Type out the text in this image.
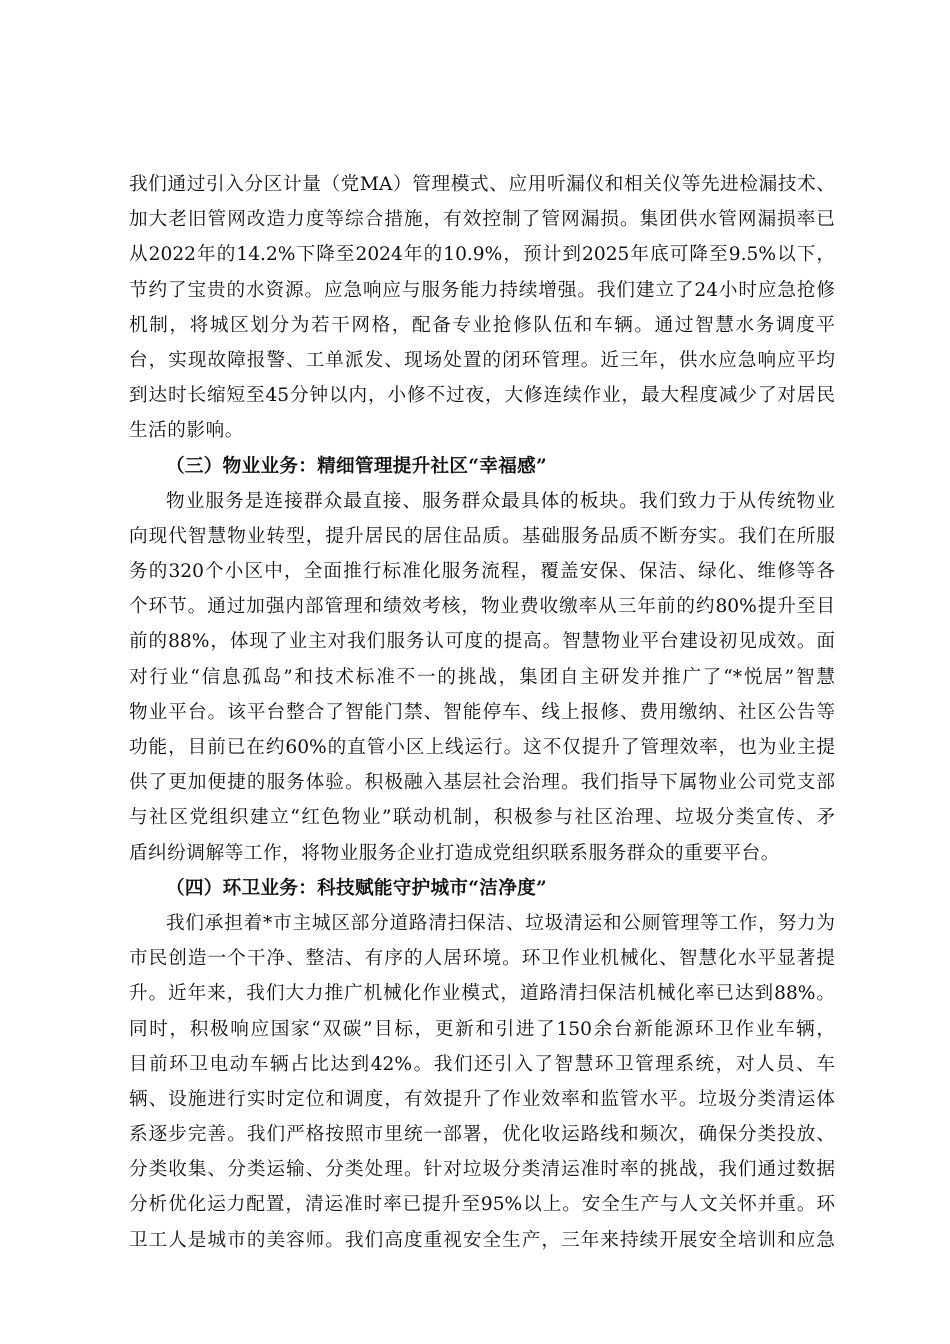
我们通过引入分区计量（党MA）管理模式、应用听漏仪和相关仪等先进检漏技术、
加大老旧管网改造力度等综合措施，有效控制了管网漏损。集团供水管网漏损率已
从2022年的14.2%下降至2024年的10.9%，预计到2025年底可降至9.5%以下，
节约了宝贵的水资源。应急响应与服务能力持续增强。我们建立了24小时应急抢修
机制，将城区划分为若干网格，配备专业抢修队伍和车辆。通过智慧水务调度平
台，实现故障报警、工单派发、现场处置的闭环管理。近三年，供水应急响应平均
到达时长缩短至45分钟以内，小修不过夜，大修连续作业，最大程度减少了对居民
生活的影响。
（三）物业业务：精细管理提升社区“幸福感”
物业服务是连接群众最直接、服务群众最具体的板块。我们致力于从传统物业
向现代智慧物业转型，提升居民的居住品质。基础服务品质不断夯实。我们在所服
务的320个小区中，全面推行标准化服务流程，覆盖安保、保洁、绿化、维修等各
个环节。通过加强内部管理和绩效考核，物业费收缴率从三年前的约80%提升至目
前的88%，体现了业主对我们服务认可度的提高。智慧物业平台建设初见成效。面
对行业“信息孤岛”和技术标准不一的挑战，集团自主研发并推广了“*悦居”智慧
物业平台。该平台整合了智能门禁、智能停车、线上报修、费用缴纳、社区公告等
功能，目前已在约60%的直管小区上线运行。这不仅提升了管理效率，也为业主提
供了更加便捷的服务体验。积极融入基层社会治理。我们指导下属物业公司党支部
与社区党组织建立“红色物业”联动机制，积极参与社区治理、垃圾分类宣传、矛
盾纠纷调解等工作，将物业服务企业打造成党组织联系服务群众的重要平台。
（四）环卫业务：科技赋能守护城市“洁净度”
我们承担着*市主城区部分道路清扫保洁、垃圾清运和公厕管理等工作，努力为
市民创造一个干净、整洁、有序的人居环境。环卫作业机械化、智慧化水平显著提
升。近年来，我们大力推广机械化作业模式，道路清扫保洁机械化率已达到88%。
同时，积极响应国家“双碳”目标，更新和引进了150余台新能源环卫作业车辆，
目前环卫电动车辆占比达到42%。我们还引入了智慧环卫管理系统，对人员、车
辆、设施进行实时定位和调度，有效提升了作业效率和监管水平。垃圾分类清运体
系逐步完善。我们严格按照市里统一部署，优化收运路线和频次，确保分类投放、
分类收集、分类运输、分类处理。针对垃圾分类清运准时率的挑战，我们通过数据
分析优化运力配置，清运准时率已提升至95%以上。安全生产与人文关怀并重。环
卫工人是城市的美容师。我们高度重视安全生产，三年来持续开展安全培训和应急
